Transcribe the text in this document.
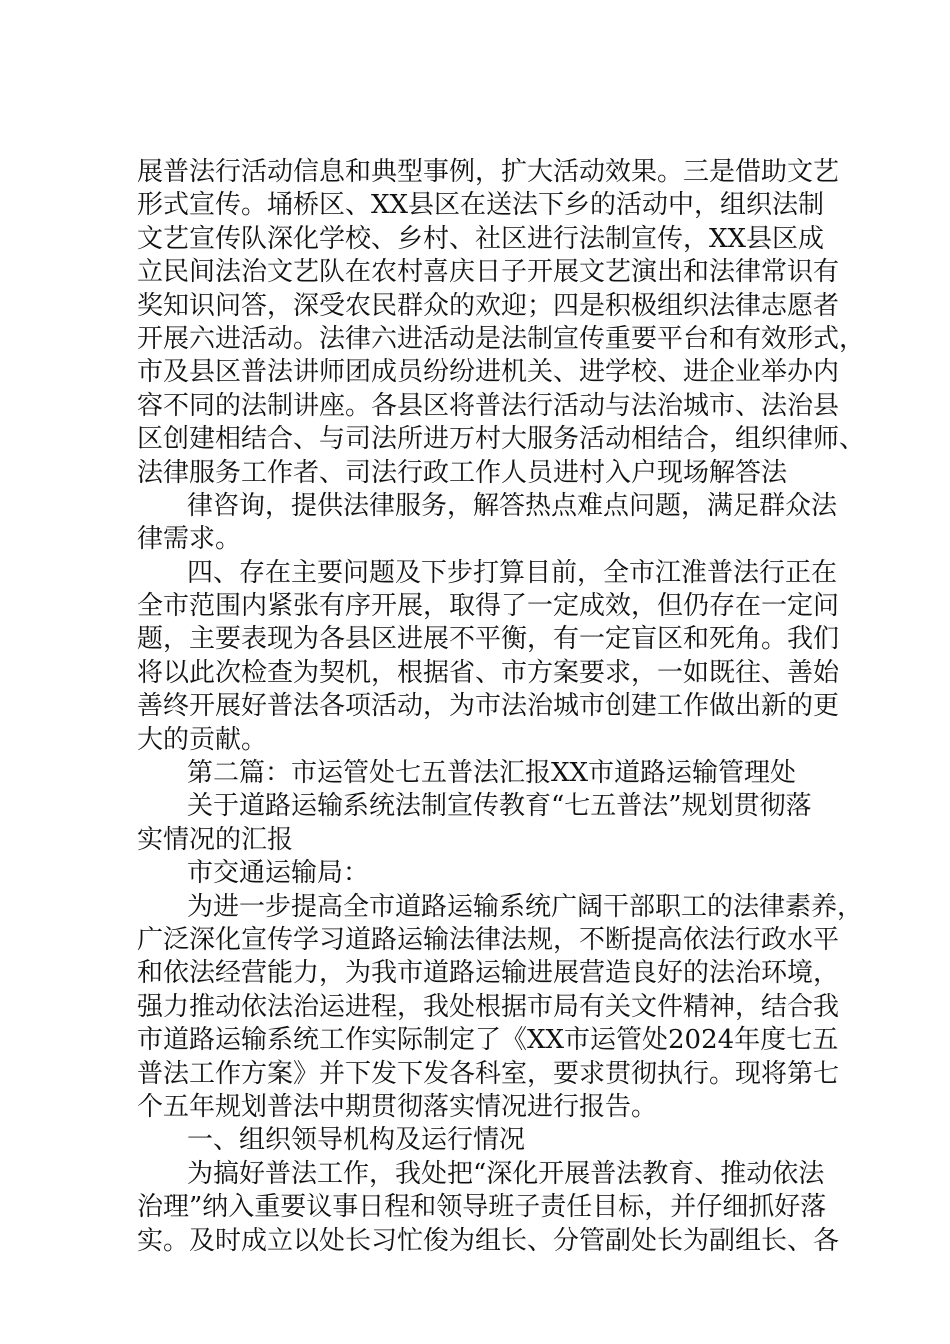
展普法行活动信息和典型事例，扩大活动效果。三是借助文艺
形式宣传。埇桥区、XX县区在送法下乡的活动中，组织法制
文艺宣传队深化学校、乡村、社区进行法制宣传，XX县区成
立民间法治文艺队在农村喜庆日子开展文艺演出和法律常识有
奖知识问答，深受农民群众的欢迎；四是积极组织法律志愿者
开展六进活动。法律六进活动是法制宣传重要平台和有效形式，
市及县区普法讲师团成员纷纷进机关、进学校、进企业举办内
容不同的法制讲座。各县区将普法行活动与法治城市、法治县
区创建相结合、与司法所进万村大服务活动相结合，组织律师、
法律服务工作者、司法行政工作人员进村入户现场解答法
律咨询，提供法律服务，解答热点难点问题，满足群众法
律需求。
四、存在主要问题及下步打算目前，全市江淮普法行正在
全市范围内紧张有序开展，取得了一定成效，但仍存在一定问
题，主要表现为各县区进展不平衡，有一定盲区和死角。我们
将以此次检查为契机，根据省、市方案要求，一如既往、善始
善终开展好普法各项活动，为市法治城市创建工作做出新的更
大的贡献。
第二篇：市运管处七五普法汇报XX市道路运输管理处
关于道路运输系统法制宣传教育“七五普法”规划贯彻落
实情况的汇报
市交通运输局：
为进一步提高全市道路运输系统广阔干部职工的法律素养，
广泛深化宣传学习道路运输法律法规，不断提高依法行政水平
和依法经营能力，为我市道路运输进展营造良好的法治环境，
强力推动依法治运进程，我处根据市局有关文件精神，结合我
市道路运输系统工作实际制定了《XX市运管处2024年度七五
普法工作方案》并下发下发各科室，要求贯彻执行。现将第七
个五年规划普法中期贯彻落实情况进行报告。
一、组织领导机构及运行情况
为搞好普法工作，我处把“深化开展普法教育、推动依法
治理”纳入重要议事日程和领导班子责任目标，并仔细抓好落
实。及时成立以处长习忙俊为组长、分管副处长为副组长、各
